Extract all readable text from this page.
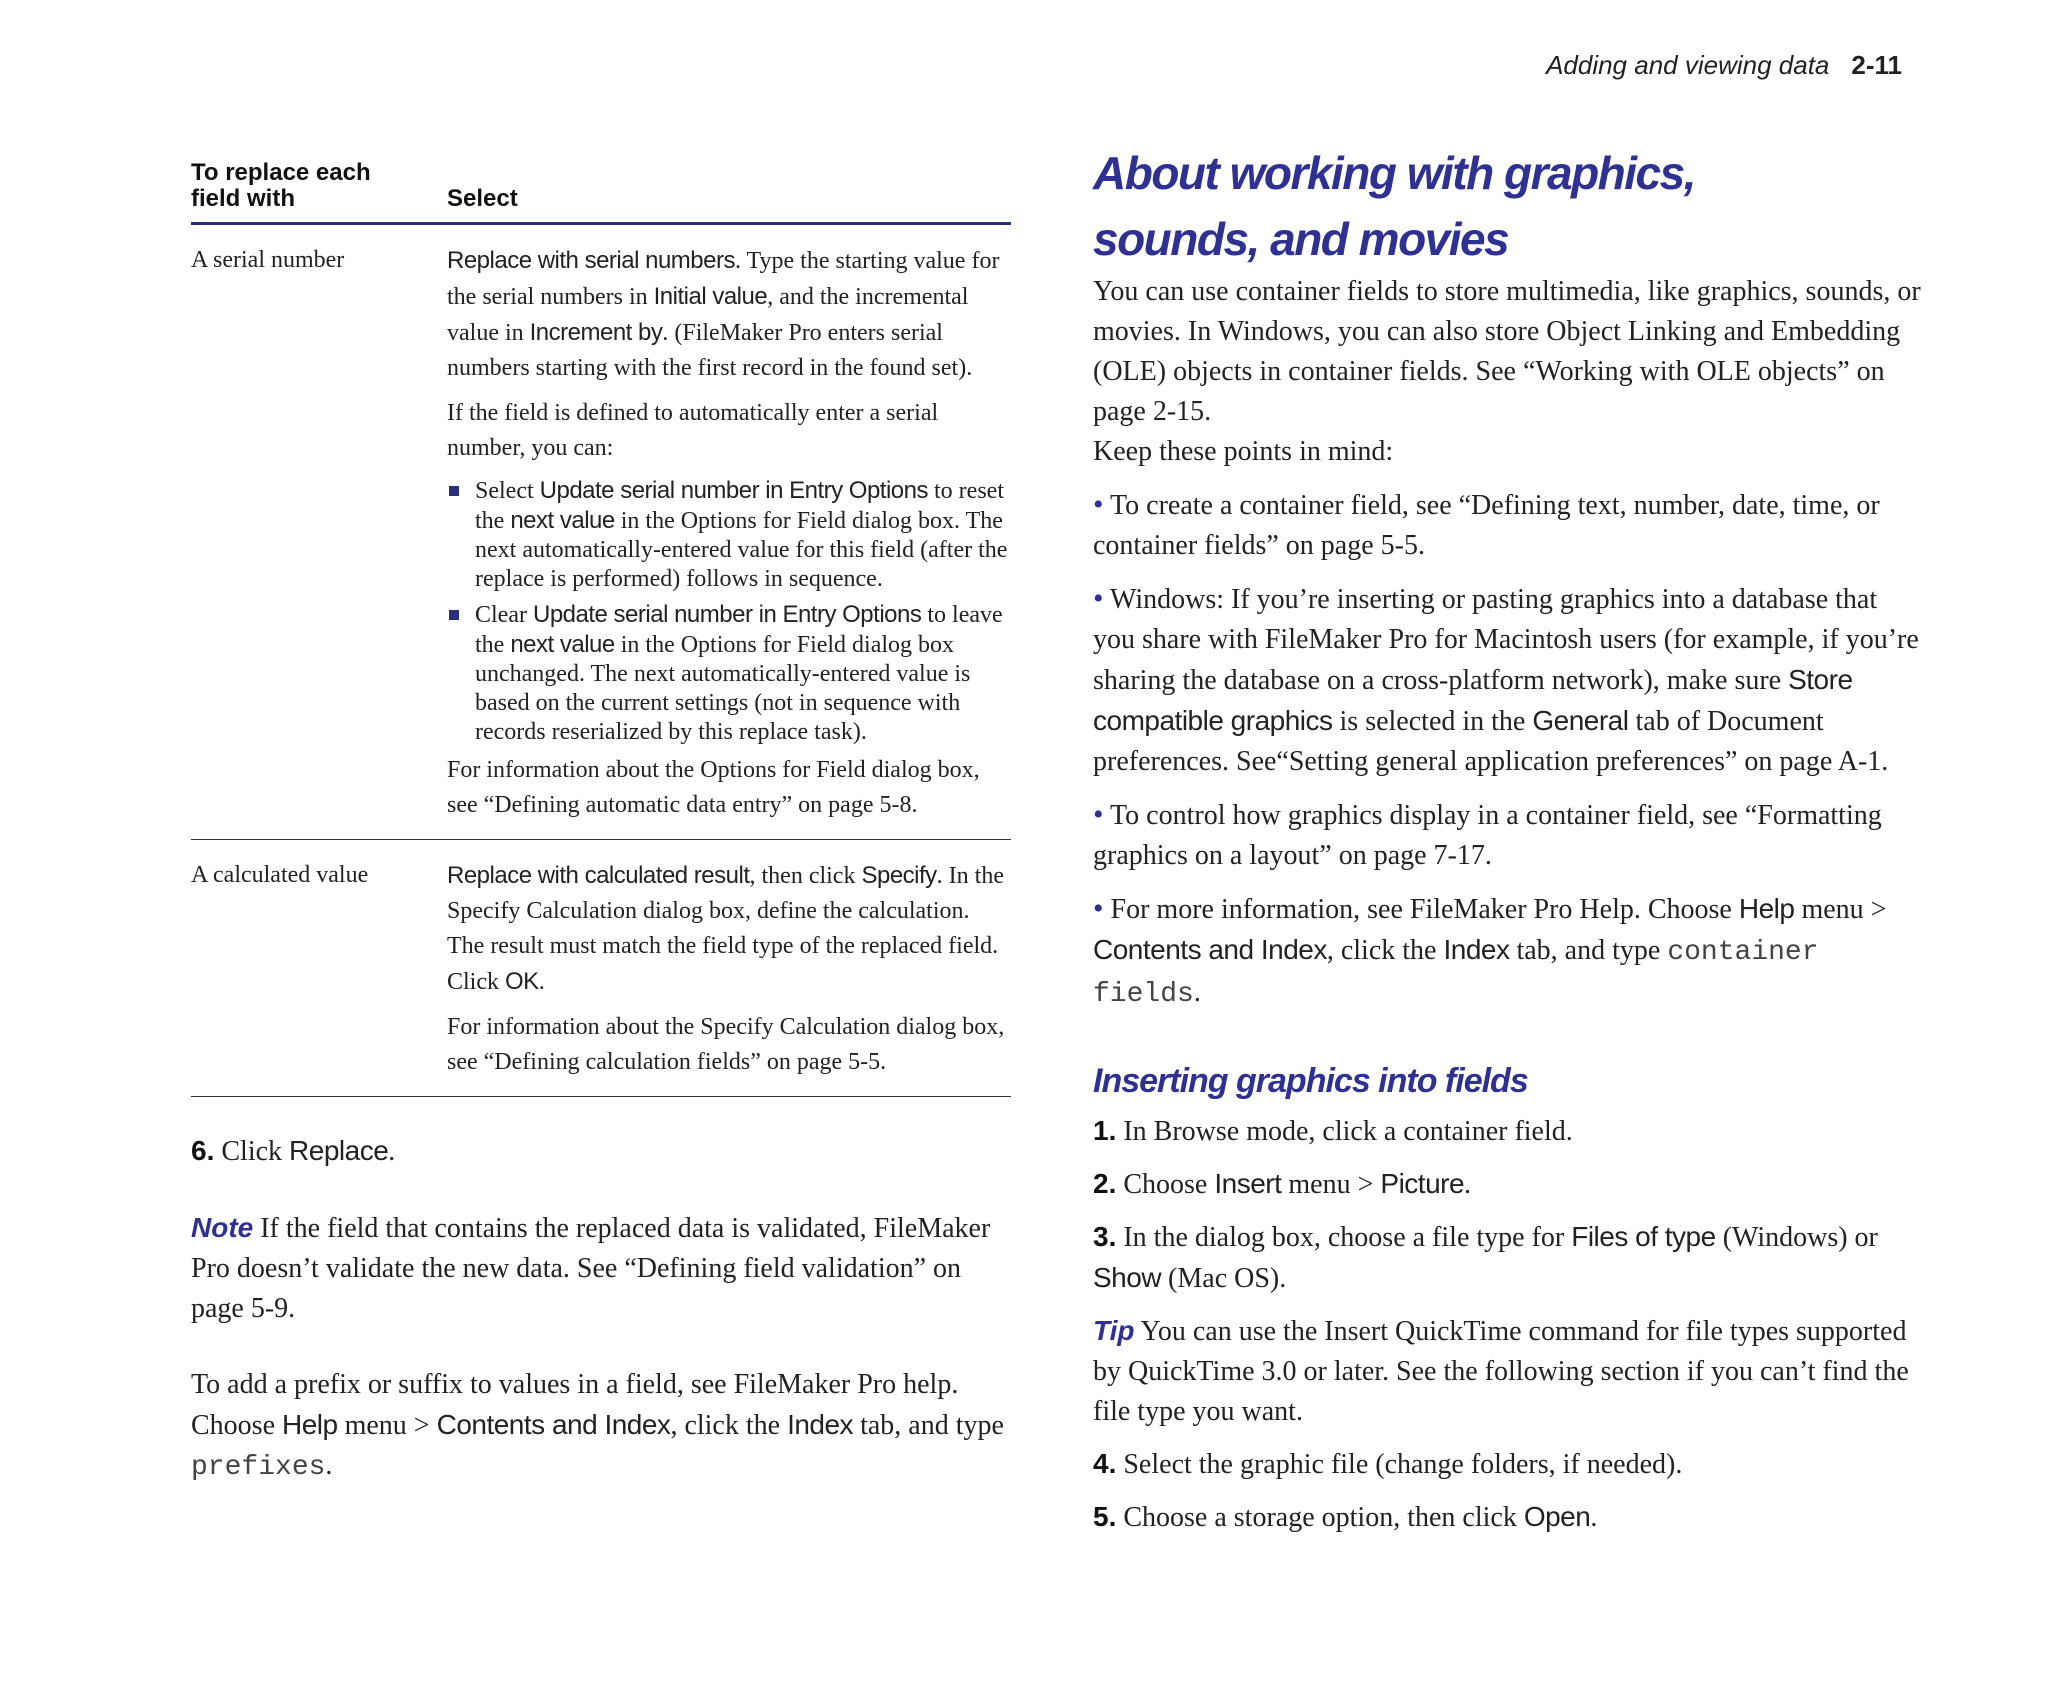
Adding and viewing data 2-11
To replace each
field with	Select
A serial number	Replace with serial numbers. Type the starting value for the serial numbers in Initial value, and the incremental value in Increment by. (FileMaker Pro enters serial numbers starting with the first record in the found set).

If the field is defined to automatically enter a serial number, you can:

Select Update serial number in Entry Options to reset the next value in the Options for Field dialog box. The next automatically-entered value for this field (after the replace is performed) follows in sequence.
Clear Update serial number in Entry Options to leave the next value in the Options for Field dialog box unchanged. The next automatically-entered value is based on the current settings (not in sequence with records reserialized by this replace task).

For information about the Options for Field dialog box, see “Defining automatic data entry” on page 5-8.

A calculated value	Replace with calculated result, then click Specify. In the Specify Calculation dialog box, define the calculation. The result must match the field type of the replaced field. Click OK.

For information about the Specify Calculation dialog box, see “Defining calculation fields” on page 5-5.

6. Click Replace.

Note If the field that contains the replaced data is validated, FileMaker Pro doesn’t validate the new data. See “Defining field validation” on page 5-9.

To add a prefix or suffix to values in a field, see FileMaker Pro help. Choose Help menu > Contents and Index, click the Index tab, and type prefixes.

About working with graphics,
sounds, and movies

You can use container fields to store multimedia, like graphics, sounds, or movies. In Windows, you can also store Object Linking and Embedding (OLE) objects in container fields. See “Working with OLE objects” on page 2-15.

Keep these points in mind:

• To create a container field, see “Defining text, number, date, time, or container fields” on page 5-5.

• Windows: If you’re inserting or pasting graphics into a database that you share with FileMaker Pro for Macintosh users (for example, if you’re sharing the database on a cross-platform network), make sure Store compatible graphics is selected in the General tab of Document preferences. See“Setting general application preferences” on page A-1.

• To control how graphics display in a container field, see “Formatting graphics on a layout” on page 7-17.

• For more information, see FileMaker Pro Help. Choose Help menu > Contents and Index, click the Index tab, and type container fields.

Inserting graphics into fields

1. In Browse mode, click a container field.

2. Choose Insert menu > Picture.

3. In the dialog box, choose a file type for Files of type (Windows) or Show (Mac OS).

Tip You can use the Insert QuickTime command for file types supported by QuickTime 3.0 or later. See the following section if you can’t find the file type you want.

4. Select the graphic file (change folders, if needed).

5. Choose a storage option, then click Open.
